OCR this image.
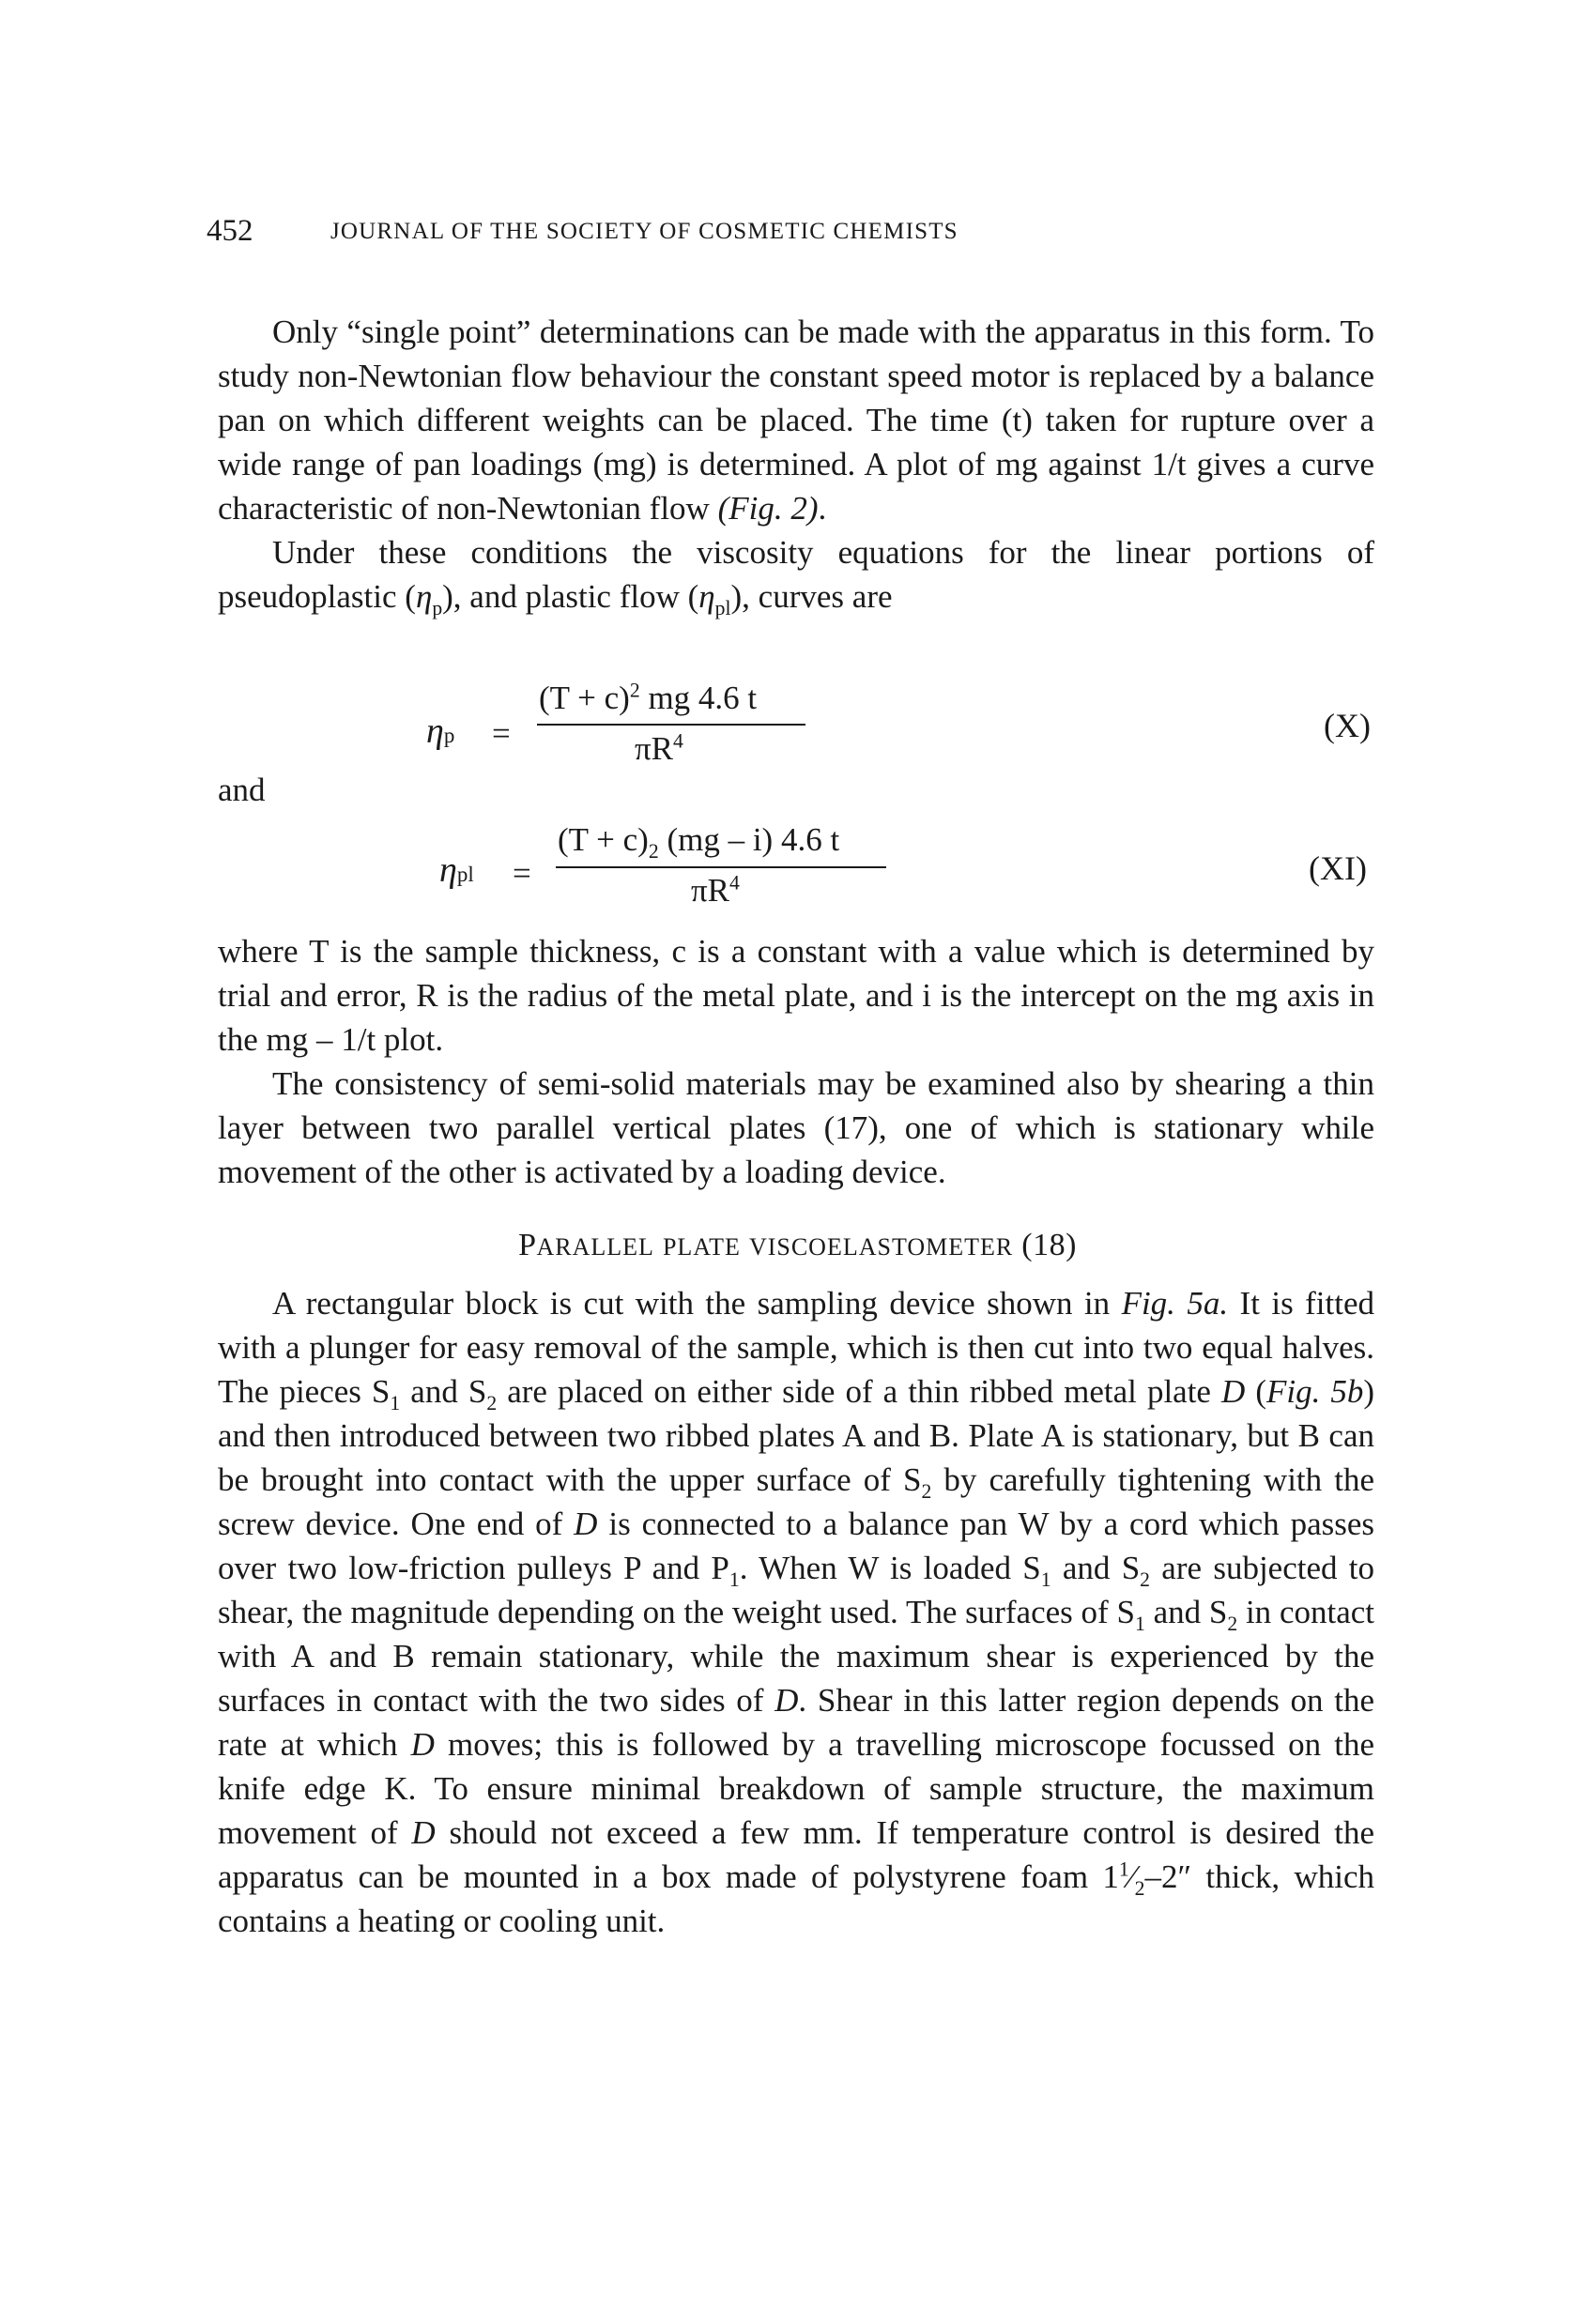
452	JOURNAL OF THE SOCIETY OF COSMETIC CHEMISTS

Only “single point” determinations can be made with the apparatus in this form. To study non-Newtonian flow behaviour the constant speed motor is replaced by a balance pan on which different weights can be placed. The time (t) taken for rupture over a wide range of pan loadings (mg) is determined. A plot of mg against 1/t gives a curve characteristic of non-Newtonian flow (Fig. 2).

Under these conditions the viscosity equations for the linear portions of pseudoplastic $(\eta_p)$, and plastic flow $(\eta_{pl})$, curves are

ηp =
$(T + c)^2$ mg 4.6 t
$\pi R^4$	(X)
and
ηpl =
$(T + c)_2$ (mg – i) 4.6 t
$\pi R^4$	(XI)

where T is the sample thickness, c is a constant with a value which is determined by trial and error, R is the radius of the metal plate, and i is the intercept on the mg axis in the mg – 1/t plot.

The consistency of semi-solid materials may be examined also by shearing a thin layer between two parallel vertical plates (17), one of which is stationary while movement of the other is activated by a loading device.

PARALLEL PLATE VISCOELASTOMETER (18)

A rectangular block is cut with the sampling device shown in Fig. 5a. It is fitted with a plunger for easy removal of the sample, which is then cut into two equal halves. The pieces $S_1$ and $S_2$ are placed on either side of a thin ribbed metal plate D (Fig. 5b) and then introduced between two ribbed plates A and B. Plate A is stationary, but B can be brought into contact with the upper surface of $S_2$ by carefully tightening with the screw device. One end of D is connected to a balance pan W by a cord which passes over two low-friction pulleys P and $P_1$. When W is loaded $S_1$ and $S_2$ are subjected to shear, the magnitude depending on the weight used. The surfaces of $S_1$ and $S_2$ in contact with A and B remain stationary, while the maximum shear is experienced by the surfaces in contact with the two sides of D. Shear in this latter region depends on the rate at which D moves; this is followed by a travelling microscope focussed on the knife edge K. To ensure minimal breakdown of sample structure, the maximum movement of D should not exceed a few mm. If temperature control is desired the apparatus can be mounted in a box made of polystyrene foam $1^1⁄_2-2''$ thick, which contains a heating or cooling unit.
